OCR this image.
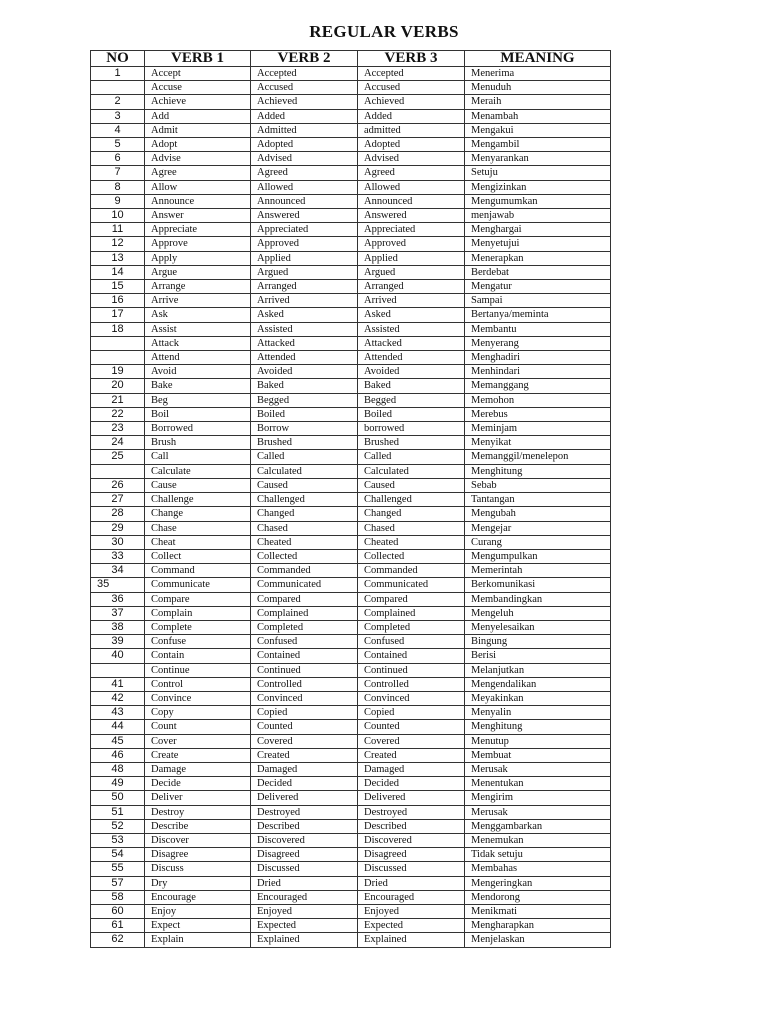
REGULAR VERBS
NO	VERB 1	VERB 2	VERB 3	MEANING
1	Accept	Accepted	Accepted	Menerima
	Accuse	Accused	Accused	Menuduh
2	Achieve	Achieved	Achieved	Meraih
3	Add	Added	Added	Menambah
4	Admit	Admitted	admitted	Mengakui
5	Adopt	Adopted	Adopted	Mengambil
6	Advise	Advised	Advised	Menyarankan
7	Agree	Agreed	Agreed	Setuju
8	Allow	Allowed	Allowed	Mengizinkan
9	Announce	Announced	Announced	Mengumumkan
10	Answer	Answered	Answered	menjawab
11	Appreciate	Appreciated	Appreciated	Menghargai
12	Approve	Approved	Approved	Menyetujui
13	Apply	Applied	Applied	Menerapkan
14	Argue	Argued	Argued	Berdebat
15	Arrange	Arranged	Arranged	Mengatur
16	Arrive	Arrived	Arrived	Sampai
17	Ask	Asked	Asked	Bertanya/meminta
18	Assist	Assisted	Assisted	Membantu
	Attack	Attacked	Attacked	Menyerang
	Attend	Attended	Attended	Menghadiri
19	Avoid	Avoided	Avoided	Menhindari
20	Bake	Baked	Baked	Memanggang
21	Beg	Begged	Begged	Memohon
22	Boil	Boiled	Boiled	Merebus
23	Borrowed	Borrow	borrowed	Meminjam
24	Brush	Brushed	Brushed	Menyikat
25	Call	Called	Called	Memanggil/menelepon
	Calculate	Calculated	Calculated	Menghitung
26	Cause	Caused	Caused	Sebab
27	Challenge	Challenged	Challenged	Tantangan
28	Change	Changed	Changed	Mengubah
29	Chase	Chased	Chased	Mengejar
30	Cheat	Cheated	Cheated	Curang
33	Collect	Collected	Collected	Mengumpulkan
34	Command	Commanded	Commanded	Memerintah
35	Communicate	Communicated	Communicated	Berkomunikasi
36	Compare	Compared	Compared	Membandingkan
37	Complain	Complained	Complained	Mengeluh
38	Complete	Completed	Completed	Menyelesaikan
39	Confuse	Confused	Confused	Bingung
40	Contain	Contained	Contained	Berisi
	Continue	Continued	Continued	Melanjutkan
41	Control	Controlled	Controlled	Mengendalikan
42	Convince	Convinced	Convinced	Meyakinkan
43	Copy	Copied	Copied	Menyalin
44	Count	Counted	Counted	Menghitung
45	Cover	Covered	Covered	Menutup
46	Create	Created	Created	Membuat
48	Damage	Damaged	Damaged	Merusak
49	Decide	Decided	Decided	Menentukan
50	Deliver	Delivered	Delivered	Mengirim
51	Destroy	Destroyed	Destroyed	Merusak
52	Describe	Described	Described	Menggambarkan
53	Discover	Discovered	Discovered	Menemukan
54	Disagree	Disagreed	Disagreed	Tidak setuju
55	Discuss	Discussed	Discussed	Membahas
57	Dry	Dried	Dried	Mengeringkan
58	Encourage	Encouraged	Encouraged	Mendorong
60	Enjoy	Enjoyed	Enjoyed	Menikmati
61	Expect	Expected	Expected	Mengharapkan
62	Explain	Explained	Explained	Menjelaskan
